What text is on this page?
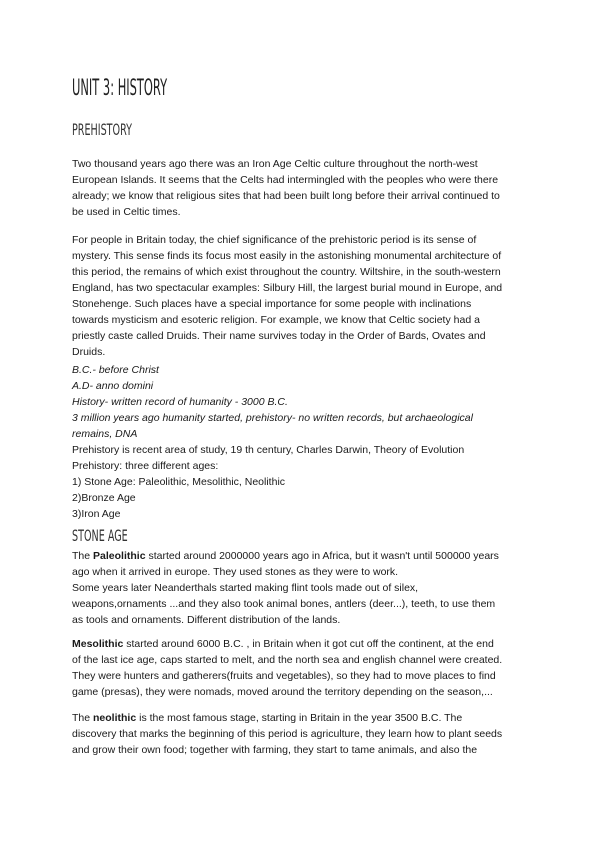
UNIT 3: HISTORY
PREHISTORY
Two thousand years ago there was an Iron Age Celtic culture throughout the north-west
European Islands. It seems that the Celts had intermingled with the peoples who were there
already; we know that religious sites that had been built long before their arrival continued to
be used in Celtic times.
For people in Britain today, the chief significance of the prehistoric period is its sense of
mystery. This sense finds its focus most easily in the astonishing monumental architecture of
this period, the remains of which exist throughout the country. Wiltshire, in the south-western
England, has two spectacular examples: Silbury Hill, the largest burial mound in Europe, and
Stonehenge. Such places have a special importance for some people with inclinations
towards mysticism and esoteric religion. For example, we know that Celtic society had a
priestly caste called Druids. Their name survives today in the Order of Bards, Ovates and
Druids.
B.C.- before Christ
A.D- anno domini
History- written record of humanity - 3000 B.C.
3 million years ago humanity started, prehistory- no written records, but archaeological
remains, DNA
Prehistory is recent area of study, 19 th century, Charles Darwin, Theory of Evolution
Prehistory: three different ages:
1) Stone Age: Paleolithic, Mesolithic, Neolithic
2)Bronze Age
3)Iron Age
STONE AGE
The Paleolithic started around 2000000 years ago in Africa, but it wasn't until 500000 years
ago when it arrived in europe. They used stones as they were to work.
Some years later Neanderthals started making flint tools made out of silex,
weapons,ornaments ...and they also took animal bones, antlers (deer...), teeth, to use them
as tools and ornaments. Different distribution of the lands.
Mesolithic started around 6000 B.C. , in Britain when it got cut off the continent, at the end
of the last ice age, caps started to melt, and the north sea and english channel were created.
They were hunters and gatherers(fruits and vegetables), so they had to move places to find
game (presas), they were nomads, moved around the territory depending on the season,...
The neolithic is the most famous stage, starting in Britain in the year 3500 B.C. The
discovery that marks the beginning of this period is agriculture, they learn how to plant seeds
and grow their own food; together with farming, they start to tame animals, and also the
